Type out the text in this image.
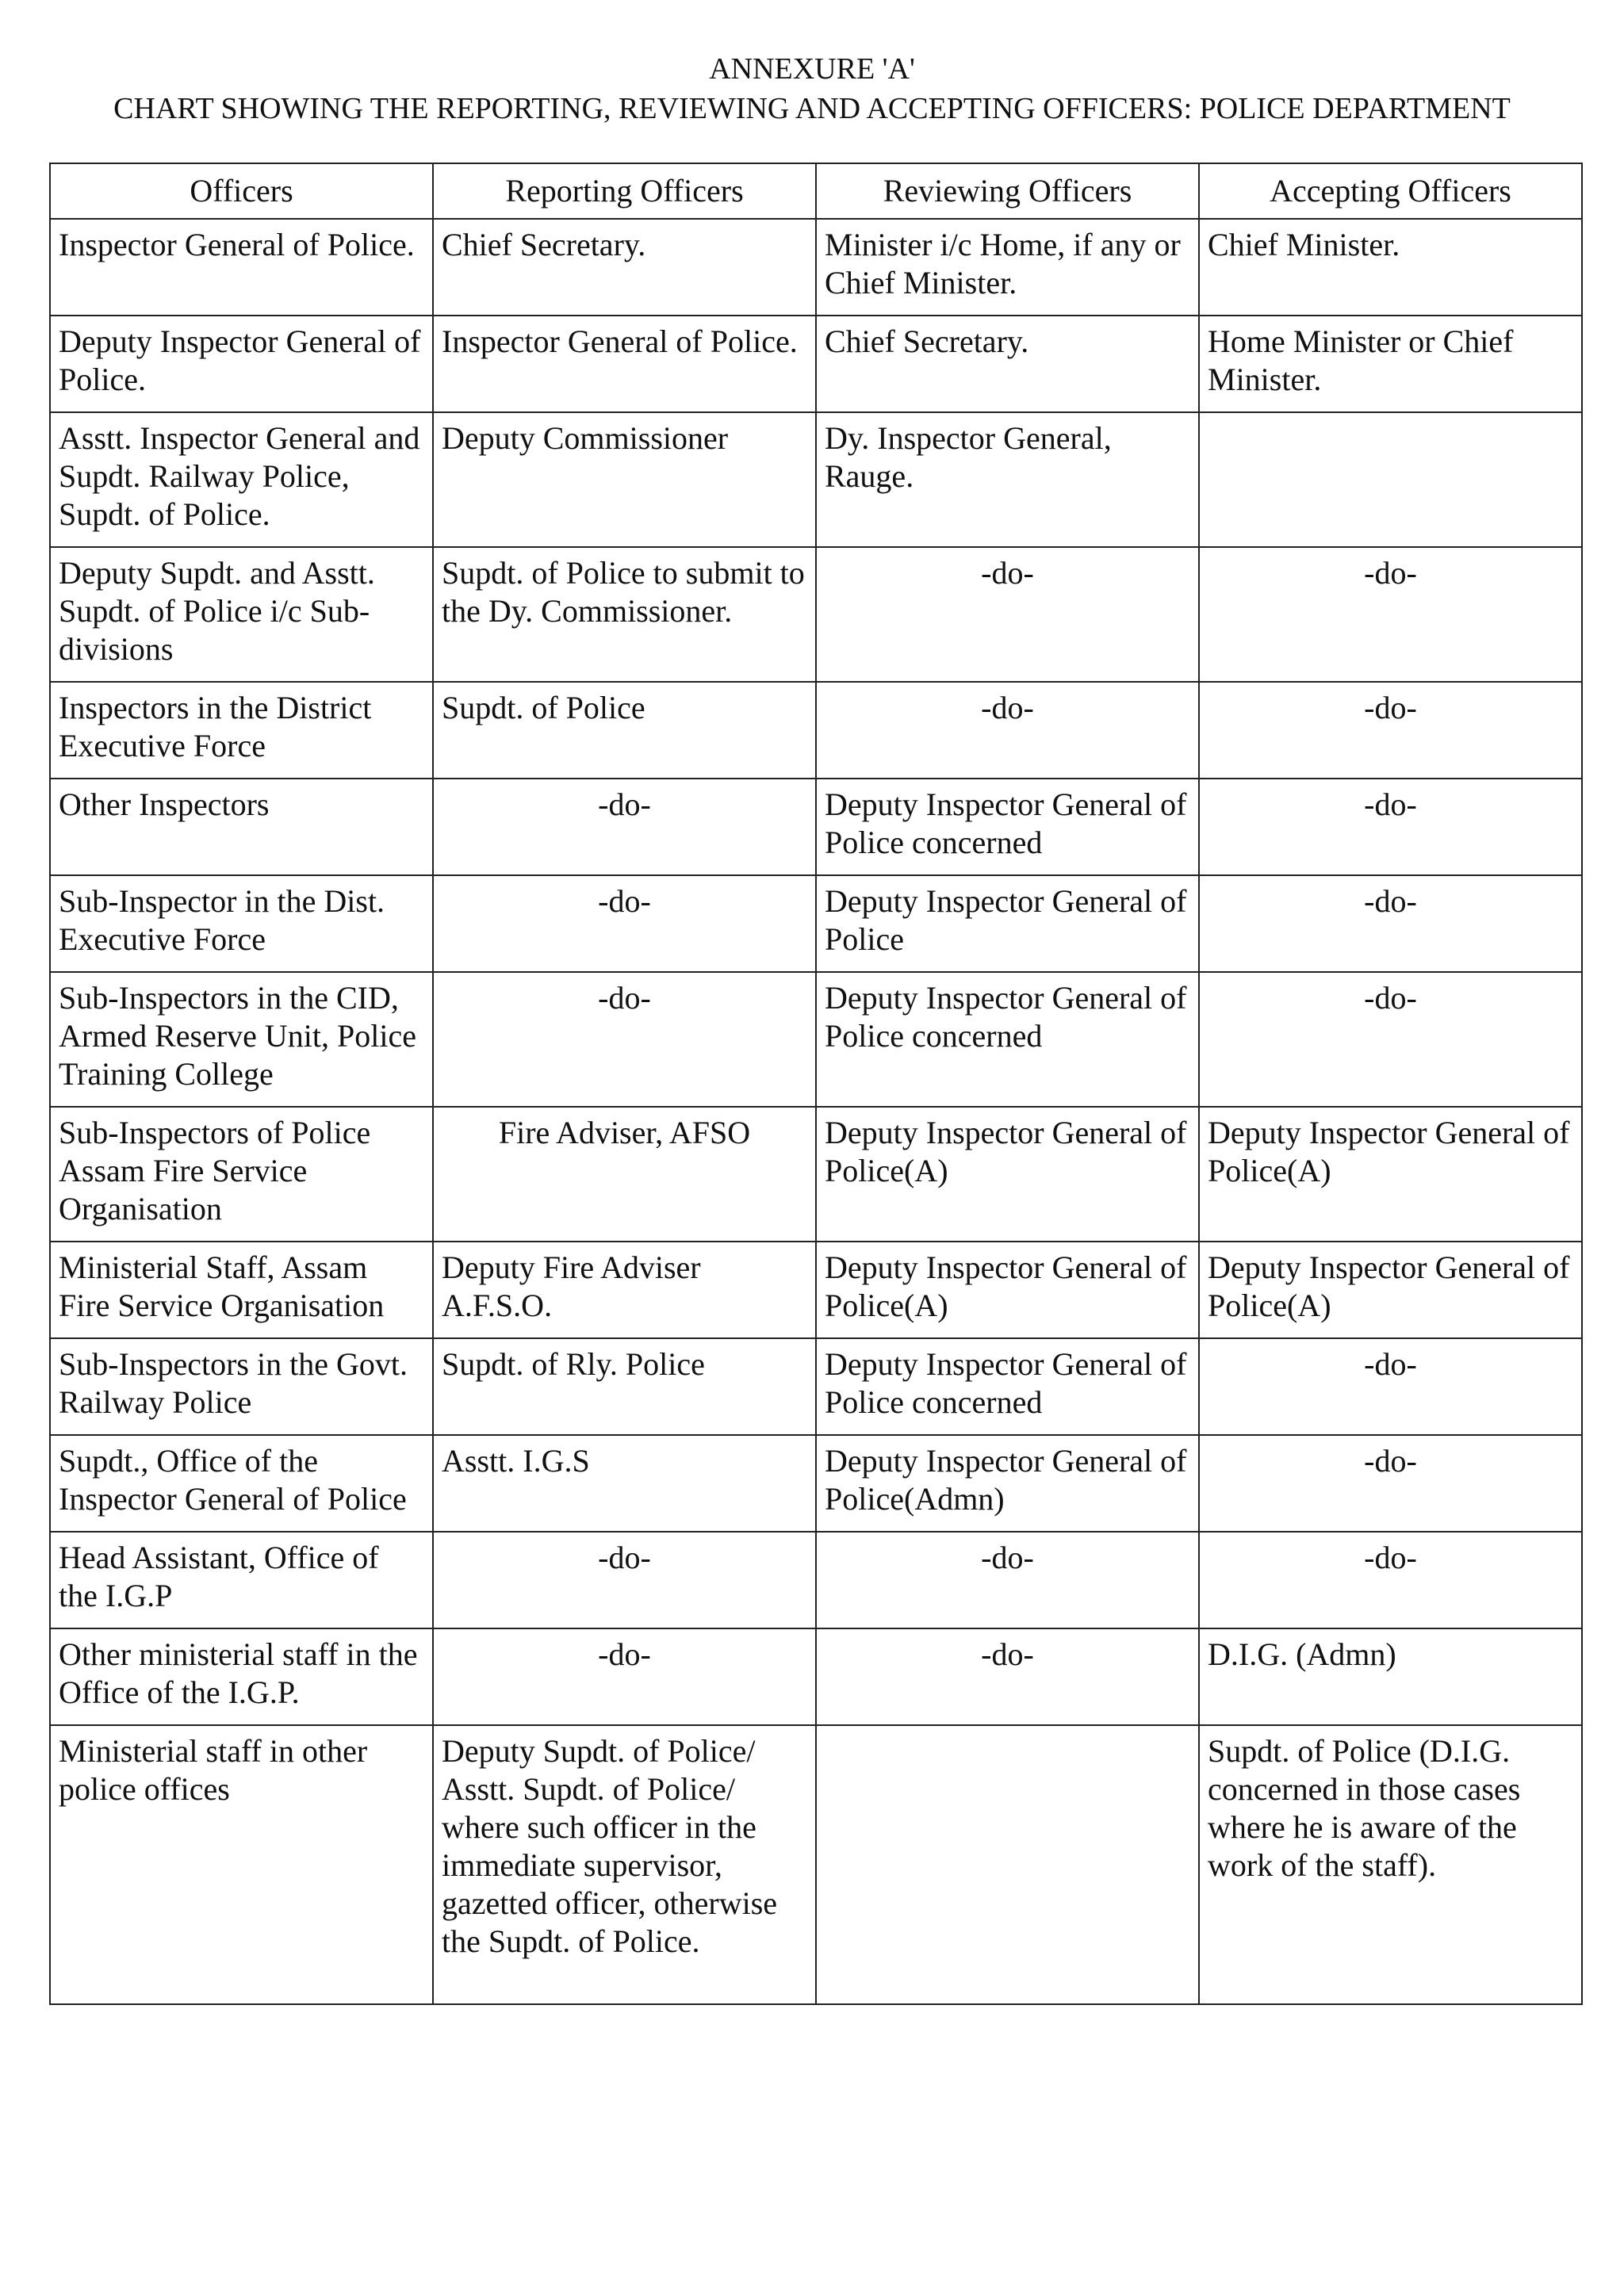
ANNEXURE 'A'
CHART SHOWING THE REPORTING, REVIEWING AND ACCEPTING OFFICERS: POLICE DEPARTMENT
Officers	Reporting Officers	Reviewing Officers	Accepting Officers
Inspector General of Police.	Chief Secretary.	Minister i/c Home, if any or Chief Minister.	Chief Minister.
Deputy Inspector General of Police.	Inspector General of Police.	Chief Secretary.	Home Minister or Chief Minister.
Asstt. Inspector General and Supdt. Railway Police, Supdt. of Police.	Deputy Commissioner	Dy. Inspector General, Rauge.	
Deputy Supdt. and Asstt. Supdt. of Police i/c Sub-divisions	Supdt. of Police to submit to the Dy. Commissioner.	-do-	-do-
Inspectors in the District Executive Force	Supdt. of Police	-do-	-do-
Other Inspectors	-do-	Deputy Inspector General of Police concerned	-do-
Sub-Inspector in the Dist. Executive Force	-do-	Deputy Inspector General of Police	-do-
Sub-Inspectors in the CID, Armed Reserve Unit, Police Training College	-do-	Deputy Inspector General of Police concerned	-do-
Sub-Inspectors of Police Assam Fire Service Organisation	Fire Adviser, AFSO	Deputy Inspector General of Police(A)	Deputy Inspector General of Police(A)
Ministerial Staff, Assam Fire Service Organisation	Deputy Fire Adviser A.F.S.O.	Deputy Inspector General of Police(A)	Deputy Inspector General of Police(A)
Sub-Inspectors in the Govt. Railway Police	Supdt. of Rly. Police	Deputy Inspector General of Police concerned	-do-
Supdt., Office of the Inspector General of Police	Asstt. I.G.S	Deputy Inspector General of Police(Admn)	-do-
Head Assistant, Office of the I.G.P	-do-	-do-	-do-
Other ministerial staff in the Office of the I.G.P.	-do-	-do-	D.I.G. (Admn)
Ministerial staff in other police offices	Deputy Supdt. of Police/ Asstt. Supdt. of Police/ where such officer in the immediate supervisor, gazetted officer, otherwise the Supdt. of Police.		Supdt. of Police (D.I.G. concerned in those cases where he is aware of the work of the staff).
